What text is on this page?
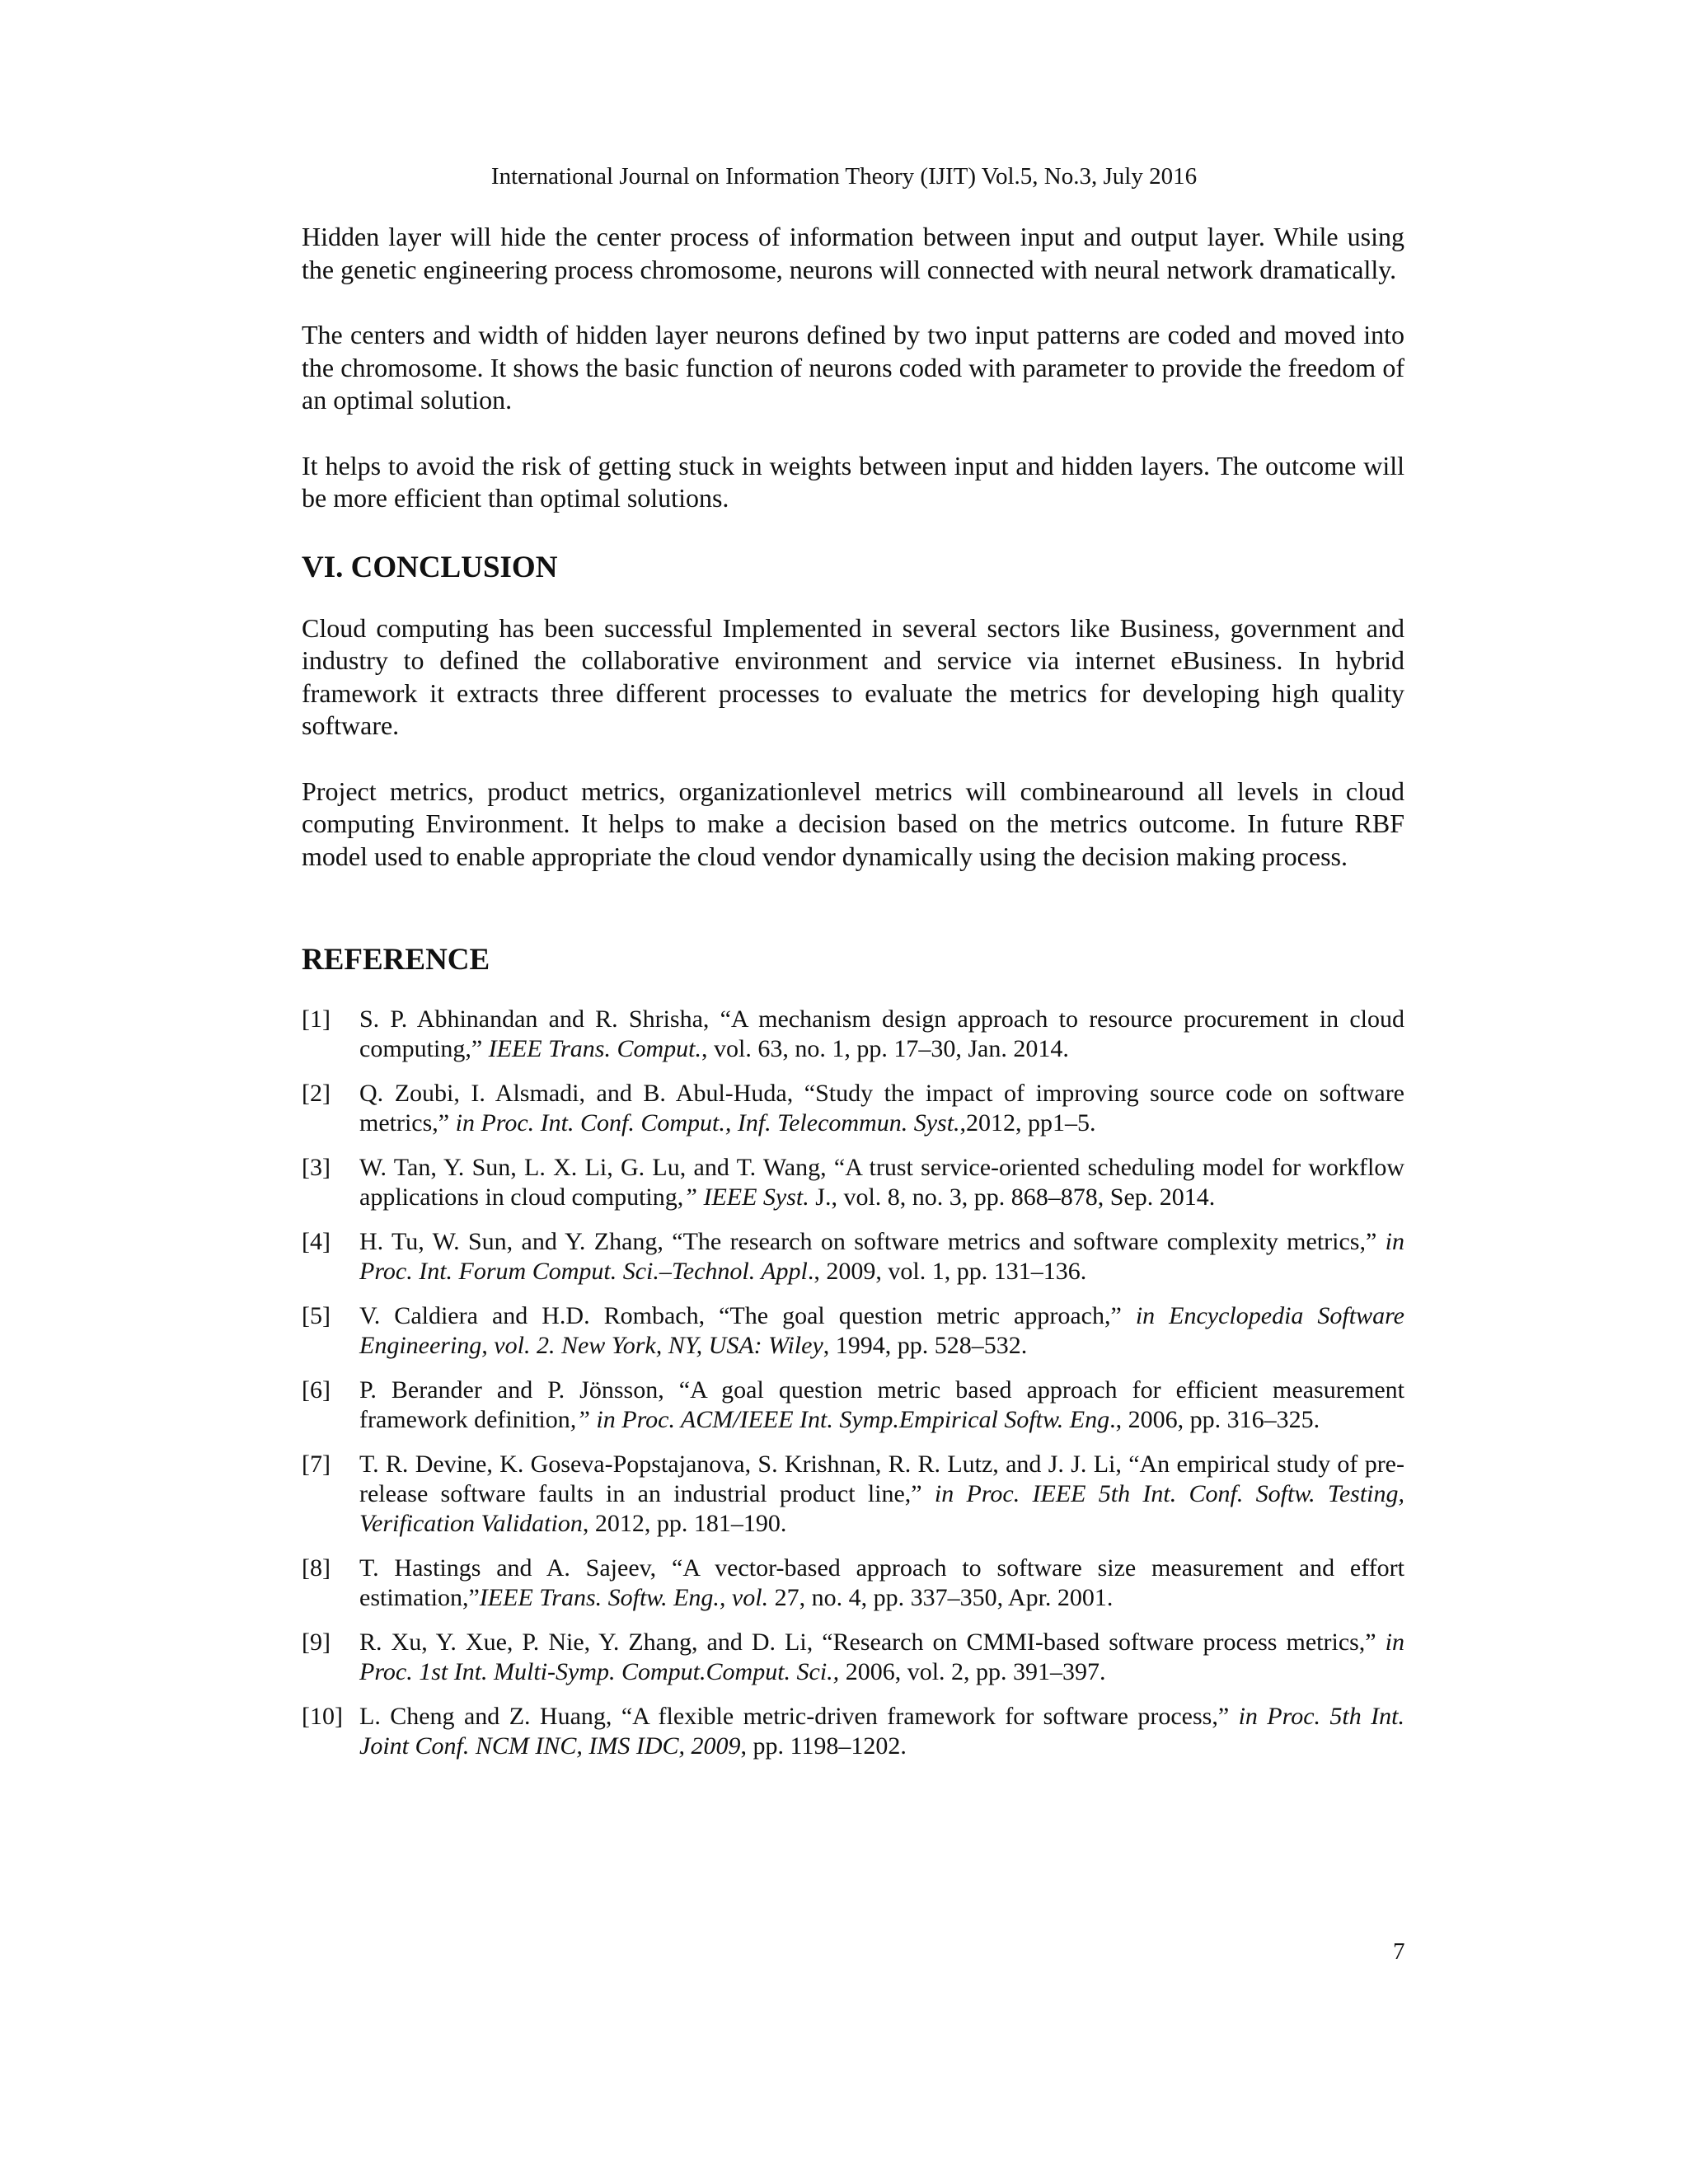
International Journal on Information Theory (IJIT) Vol.5, No.3, July 2016

Hidden layer will hide the center process of information between input and output layer. While using the genetic engineering process chromosome, neurons will connected with neural network dramatically.

The centers and width of hidden layer neurons defined by two input patterns are coded and moved into the chromosome. It shows the basic function of neurons coded with parameter to provide the freedom of an optimal solution.

It helps to avoid the risk of getting stuck in weights between input and hidden layers. The outcome will be more efficient than optimal solutions.

VI. CONCLUSION

Cloud computing has been successful Implemented in several sectors like Business, government and industry to defined the collaborative environment and service via internet eBusiness. In hybrid framework it extracts three different processes to evaluate the metrics for developing high quality software.

Project metrics, product metrics, organizationlevel metrics will combinearound all levels in cloud computing Environment. It helps to make a decision based on the metrics outcome. In future RBF model used to enable appropriate the cloud vendor dynamically using the decision making process.

REFERENCE
[1]	S. P. Abhinandan and R. Shrisha, “A mechanism design approach to resource procurement in cloud computing,” IEEE Trans. Comput., vol. 63, no. 1, pp. 17–30, Jan. 2014.
[2]	Q. Zoubi, I. Alsmadi, and B. Abul-Huda, “Study the impact of improving source code on software metrics,” in Proc. Int. Conf. Comput., Inf. Telecommun. Syst.,2012, pp1–5.
[3]	W. Tan, Y. Sun, L. X. Li, G. Lu, and T. Wang, “A trust service-oriented scheduling model for workflow applications in cloud computing,” IEEE Syst. J., vol. 8, no. 3, pp. 868–878, Sep. 2014.
[4]	H. Tu, W. Sun, and Y. Zhang, “The research on software metrics and software complexity metrics,” in Proc. Int. Forum Comput. Sci.–Technol. Appl., 2009, vol. 1, pp. 131–136.
[5]	V. Caldiera and H.D. Rombach, “The goal question metric approach,” in Encyclopedia Software Engineering, vol. 2. New York, NY, USA: Wiley, 1994, pp. 528–532.
[6]	P. Berander and P. Jönsson, “A goal question metric based approach for efficient measurement framework definition,” in Proc. ACM/IEEE Int. Symp.Empirical Softw. Eng., 2006, pp. 316–325.
[7]	T. R. Devine, K. Goseva-Popstajanova, S. Krishnan, R. R. Lutz, and J. J. Li, “An empirical study of pre-release software faults in an industrial product line,” in Proc. IEEE 5th Int. Conf. Softw. Testing, Verification Validation, 2012, pp. 181–190.
[8]	T. Hastings and A. Sajeev, “A vector-based approach to software size measurement and effort estimation,”IEEE Trans. Softw. Eng., vol. 27, no. 4, pp. 337–350, Apr. 2001.
[9]	R. Xu, Y. Xue, P. Nie, Y. Zhang, and D. Li, “Research on CMMI-based software process metrics,” in Proc. 1st Int. Multi-Symp. Comput.Comput. Sci., 2006, vol. 2, pp. 391–397.
[10] L. Cheng and Z. Huang, “A flexible metric-driven framework for software process,” in Proc. 5th Int. Joint Conf. NCM INC, IMS IDC, 2009, pp. 1198–1202.
7
